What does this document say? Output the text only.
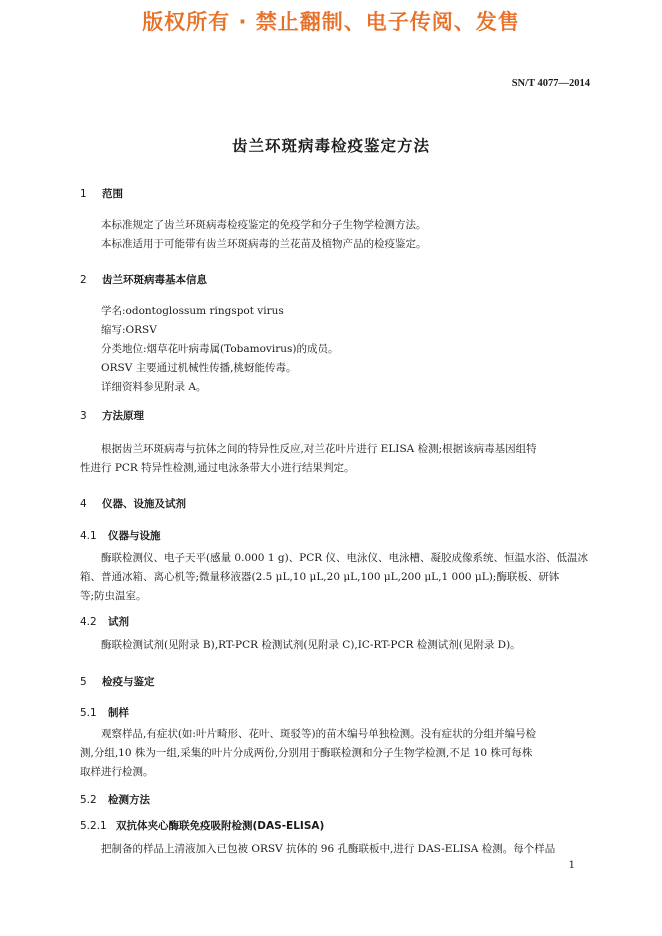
版权所有 · 禁止翻制、电子传阅、发售
SN/T 4077—2014
齿兰环斑病毒检疫鉴定方法
1 范围
本标准规定了齿兰环斑病毒检疫鉴定的免疫学和分子生物学检测方法。
本标准适用于可能带有齿兰环斑病毒的兰花苗及植物产品的检疫鉴定。
2 齿兰环斑病毒基本信息
学名:odontoglossum ringspot virus
缩写:ORSV
分类地位:烟草花叶病毒属(Tobamovirus)的成员。
ORSV 主要通过机械性传播,桃蚜能传毒。
详细资料参见附录 A。
3 方法原理
根据齿兰环斑病毒与抗体之间的特异性反应,对兰花叶片进行 ELISA 检测;根据该病毒基因组特
性进行 PCR 特异性检测,通过电泳条带大小进行结果判定。
4 仪器、设施及试剂
4.1 仪器与设施
酶联检测仪、电子天平(感量 0.000 1 g)、PCR 仪、电泳仪、电泳槽、凝胶成像系统、恒温水浴、低温冰
箱、普通冰箱、离心机等;微量移液器(2.5 μL,10 μL,20 μL,100 μL,200 μL,1 000 μL);酶联板、研钵
等;防虫温室。
4.2 试剂
酶联检测试剂(见附录 B),RT-PCR 检测试剂(见附录 C),IC-RT-PCR 检测试剂(见附录 D)。
5 检疫与鉴定
5.1 制样
观察样品,有症状(如:叶片畸形、花叶、斑驳等)的苗木编号单独检测。没有症状的分组并编号检
测,分组,10 株为一组,采集的叶片分成两份,分别用于酶联检测和分子生物学检测,不足 10 株可每株
取样进行检测。
5.2 检测方法
5.2.1 双抗体夹心酶联免疫吸附检测(DAS-ELISA)
把制备的样品上清液加入已包被 ORSV 抗体的 96 孔酶联板中,进行 DAS-ELISA 检测。每个样品
1
